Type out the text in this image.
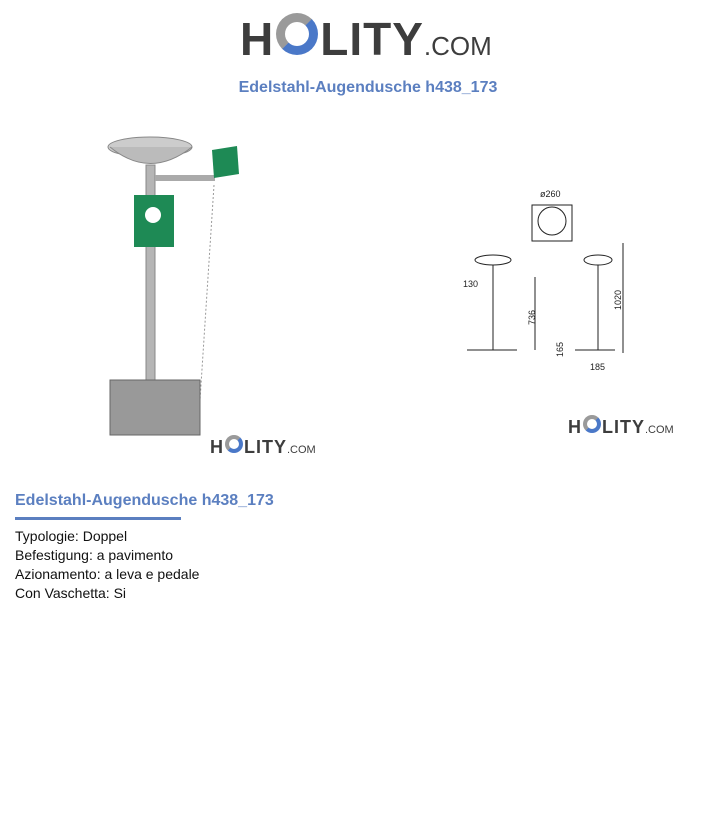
H LITY .COM
Edelstahl-Augendusche h438_173
H LITY .COM
ø260
130
736
165
1020
185
H LITY .COM
Edelstahl-Augendusche h438_173
Typologie: Doppel
Befestigung: a pavimento
Azionamento: a leva e pedale
Con Vaschetta: Si
